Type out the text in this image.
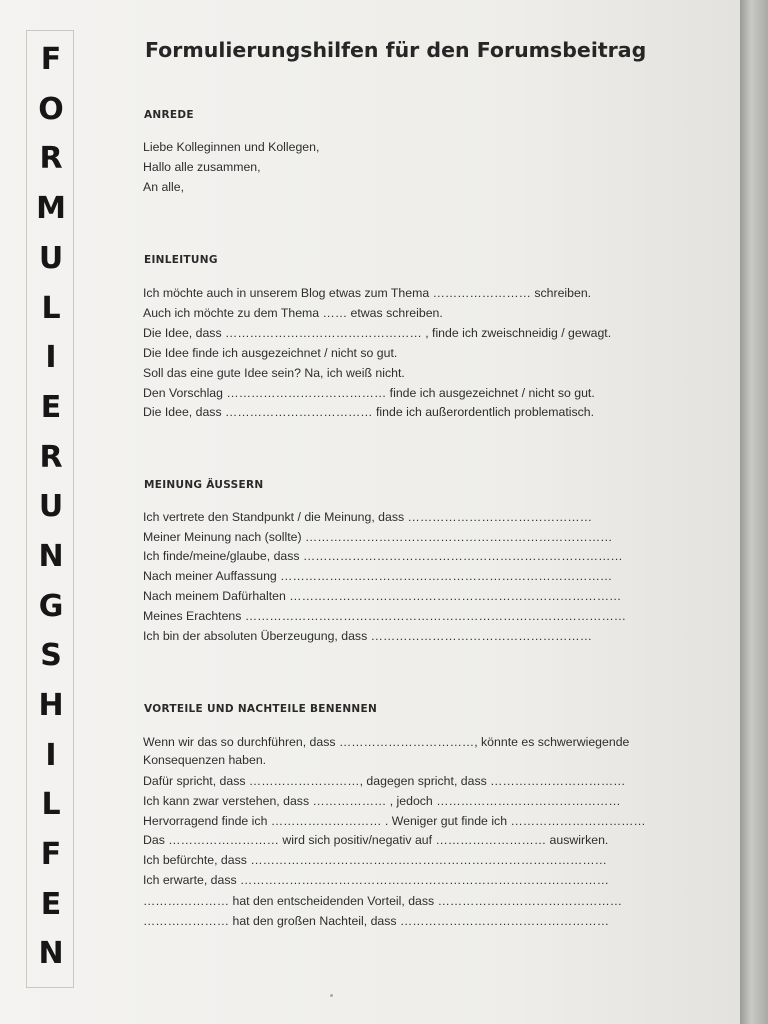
F
O
R
M
U
L
I
E
R
U
N
G
S
H
I
L
F
E
N
Formulierungshilfen für den Forumsbeitrag
ANREDE
Liebe Kolleginnen und Kollegen,
Hallo alle zusammen,
An alle,
EINLEITUNG
Ich möchte auch in unserem Blog etwas zum Thema …………………… schreiben.
Auch ich möchte zu dem Thema …… etwas schreiben.
Die Idee, dass ………………………………………… , finde ich zweischneidig / gewagt.
Die Idee finde ich ausgezeichnet / nicht so gut.
Soll das eine gute Idee sein? Na, ich weiß nicht.
Den Vorschlag ………………………………… finde ich ausgezeichnet / nicht so gut.
Die Idee, dass ……………………………… finde ich außerordentlich problematisch.
MEINUNG ÄUSSERN
Ich vertrete den Standpunkt / die Meinung, dass ………………………………………
Meiner Meinung nach (sollte) …………………………………………………………………
Ich finde/meine/glaube, dass ……………………………………………………………………
Nach meiner Auffassung ………………………………………………………………………
Nach meinem Dafürhalten ………………………………………………………………………
Meines Erachtens …………………………………………………………………………………
Ich bin der absoluten Überzeugung, dass ………………………………………………
VORTEILE UND NACHTEILE BENENNEN
Wenn wir das so durchführen, dass ……………………………, könnte es schwerwiegende Konsequenzen haben.
Dafür spricht, dass ………………………, dagegen spricht, dass ……………………………
Ich kann zwar verstehen, dass ……………… , jedoch ………………………………………
Hervorragend finde ich ……………………… . Weniger gut finde ich ……………………………
Das ……………………… wird sich positiv/negativ auf ……………………… auswirken.
Ich befürchte, dass ……………………………………………………………………………
Ich erwarte, dass ………………………………………………………………………………
………………… hat den entscheidenden Vorteil, dass ………………………………………
………………… hat den großen Nachteil, dass ……………………………………………
